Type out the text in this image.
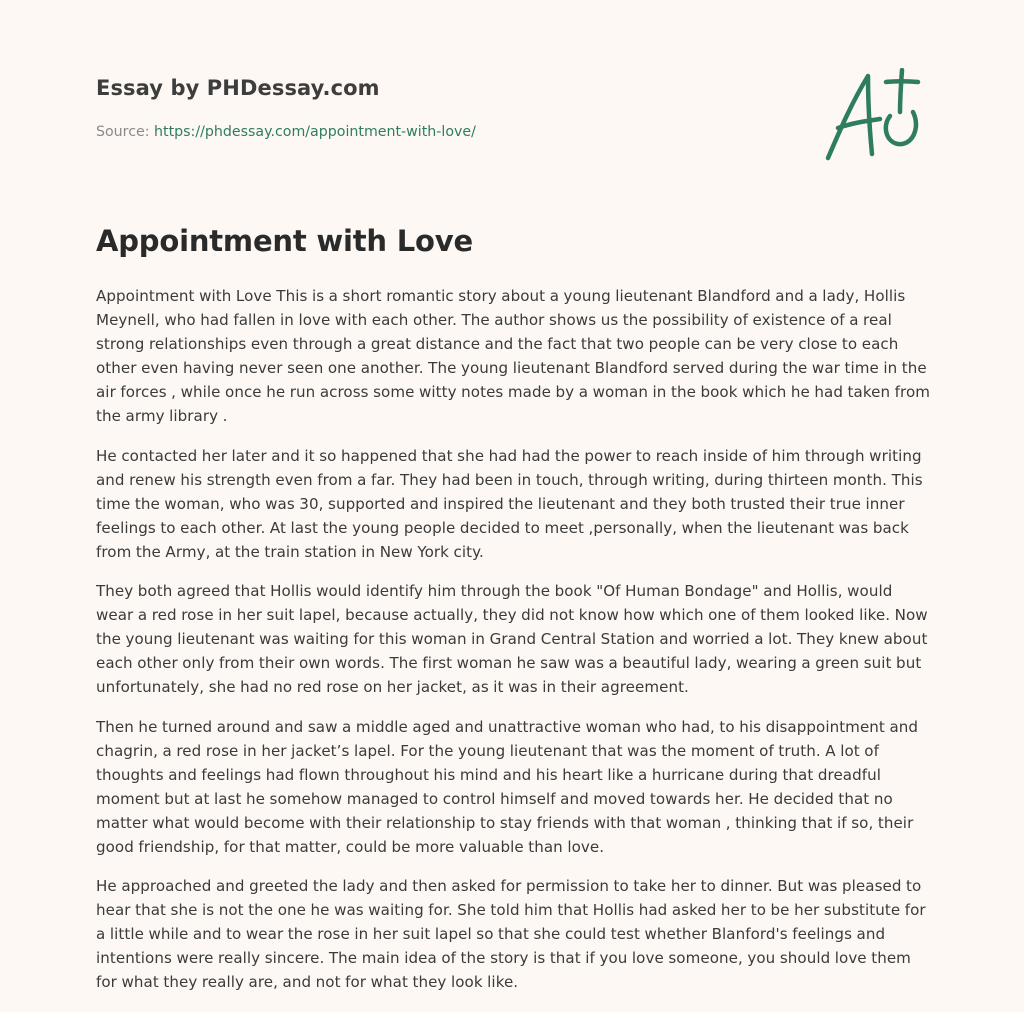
Essay by PHDessay.com
Source: https://phdessay.com/appointment-with-love/
Appointment with Love

Appointment with Love This is a short romantic story about a young lieutenant Blandford and a lady, Hollis Meynell, who had fallen in love with each other. The author shows us the possibility of existence of a real strong relationships even through a great distance and the fact that two people can be very close to each other even having never seen one another. The young lieutenant Blandford served during the war time in the air forces , while once he run across some witty notes made by a woman in the book which he had taken from the army library .

He contacted her later and it so happened that she had had the power to reach inside of him through writing and renew his strength even from a far. They had been in touch, through writing, during thirteen month. This time the woman, who was 30, supported and inspired the lieutenant and they both trusted their true inner feelings to each other. At last the young people decided to meet ,personally, when the lieutenant was back from the Army, at the train station in New York city.

They both agreed that Hollis would identify him through the book "Of Human Bondage" and Hollis, would wear a red rose in her suit lapel, because actually, they did not know how which one of them looked like. Now the young lieutenant was waiting for this woman in Grand Central Station and worried a lot. They knew about each other only from their own words. The first woman he saw was a beautiful lady, wearing a green suit but unfortunately, she had no red rose on her jacket, as it was in their agreement.

Then he turned around and saw a middle aged and unattractive woman who had, to his disappointment and chagrin, a red rose in her jacket’s lapel. For the young lieutenant that was the moment of truth. A lot of thoughts and feelings had flown throughout his mind and his heart like a hurricane during that dreadful moment but at last he somehow managed to control himself and moved towards her. He decided that no matter what would become with their relationship to stay friends with that woman , thinking that if so, their good friendship, for that matter, could be more valuable than love.

He approached and greeted the lady and then asked for permission to take her to dinner. But was pleased to hear that she is not the one he was waiting for. She told him that Hollis had asked her to be her substitute for a little while and to wear the rose in her suit lapel so that she could test whether Blanford's feelings and intentions were really sincere. The main idea of the story is that if you love someone, you should love them for what they really are, and not for what they look like.
